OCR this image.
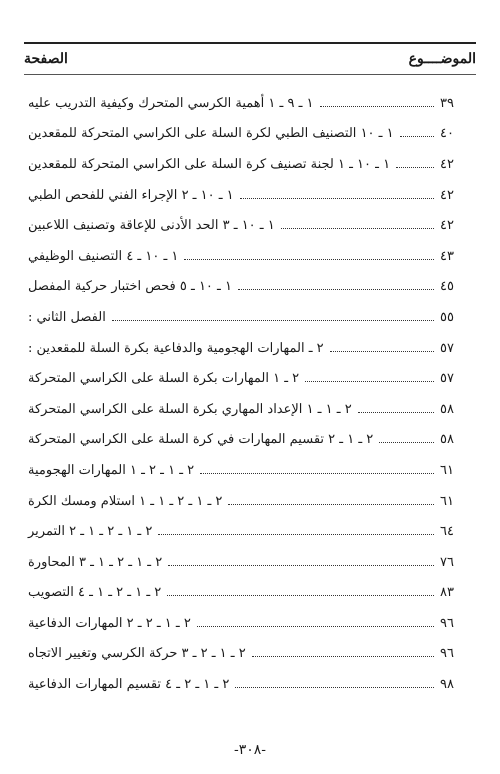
الصفحة	الموضــــوع
١ ـ ٩ ـ ١ أهمية الكرسي المتحرك وكيفية التدريب عليه	٣٩
١ ـ ١٠ التصنيف الطبي لكرة السلة على الكراسي المتحركة للمقعدين	٤٠
١ ـ ١٠ ـ ١ لجنة تصنيف كرة السلة على الكراسي المتحركة للمقعدين	٤٢
١ ـ ١٠ ـ ٢ الإجراء الفني للفحص الطبي	٤٢
١ ـ ١٠ ـ ٣ الحد الأدنى للإعاقة وتصنيف اللاعبين	٤٢
١ ـ ١٠ ـ ٤ التصنيف الوظيفي	٤٣
١ ـ ١٠ ـ ٥ فحص اختبار حركية المفصل	٤٥
الفصل الثاني :	٥٥
٢ ـ المهارات الهجومية والدفاعية بكرة السلة للمقعدين :	٥٧
٢ ـ ١ المهارات بكرة السلة على الكراسي المتحركة	٥٧
٢ ـ ١ ـ ١ الإعداد المهاري بكرة السلة على الكراسي المتحركة	٥٨
٢ ـ ١ ـ ٢ تقسيم المهارات في كرة السلة على الكراسي المتحركة	٥٨
٢ ـ ١ ـ ٢ ـ ١ المهارات الهجومية	٦١
٢ ـ ١ ـ ٢ ـ ١ ـ ١ استلام ومسك الكرة	٦١
٢ ـ ١ ـ ٢ ـ ١ ـ ٢ التمرير	٦٤
٢ ـ ١ ـ ٢ ـ ١ ـ ٣ المحاورة	٧٦
٢ ـ ١ ـ ٢ ـ ١ ـ ٤ التصويب	٨٣
٢ ـ ١ ـ ٢ ـ ٢ المهارات الدفاعية	٩٦
٢ ـ ١ ـ ٢ ـ ٣ حركة الكرسي وتغيير الاتجاه	٩٦
٢ ـ ١ ـ ٢ ـ ٤ تقسيم المهارات الدفاعية	٩٨
-٣٠٨-
